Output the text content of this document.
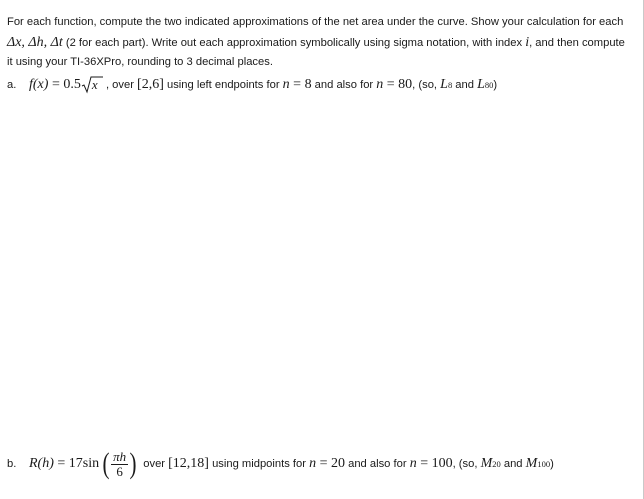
For each function, compute the two indicated approximations of the net area under the curve. Show your calculation for each Δx, Δh, Δt (2 for each part). Write out each approximation symbolically using sigma notation, with index i, and then compute it using your TI-36XPro, rounding to 3 decimal places.
a. f(x) = 0.5 x , over [2,6] using left endpoints for n = 8 and also for n = 80 , (so, L 8 and L 80 )
b. R(h) = 17 sin ( $\frac{\pi h}{6}$ ) over [12,18] using midpoints for n = 20 and also for n = 100 , (so, M 20 and M 100 )
